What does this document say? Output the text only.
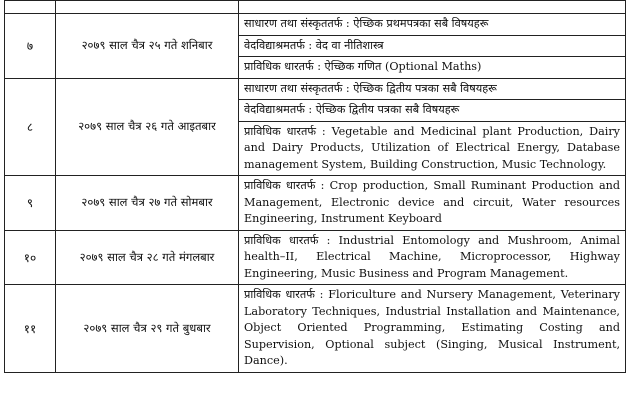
७	२०७९ साल चैत्र २५ गते शनिबार	साधारण तथा संस्कृततर्फ : ऐच्छिक प्रथमपत्रका सबै विषयहरू
		वेदविद्याश्रमतर्फ : वेद वा नीतिशास्त्र
		प्राविधिक धारतर्फ : ऐच्छिक गणित (Optional Maths)
८	२०७९ साल चैत्र २६ गते आइतबार	साधारण तथा संस्कृततर्फ : ऐच्छिक द्वितीय पत्रका सबै विषयहरू
		वेदविद्याश्रमतर्फ : ऐच्छिक द्वितीय पत्रका सबै विषयहरू
		प्राविधिक धारतर्फ : Vegetable and Medicinal plant Production, Dairy and Dairy Products, Utilization of Electrical Energy, Database management System, Building Construction, Music Technology.
९	२०७९ साल चैत्र २७ गते सोमबार	प्राविधिक धारतर्फ : Crop production, Small Ruminant Production and Management, Electronic device and circuit, Water resources Engineering, Instrument Keyboard
१०	२०७९ साल चैत्र २८ गते मंगलबार	प्राविधिक धारतर्फ : Industrial Entomology and Mushroom, Animal health–II, Electrical Machine, Microprocessor, Highway Engineering, Music Business and Program Management.
११	२०७९ साल चैत्र २९ गते बुधबार	प्राविधिक धारतर्फ : Floriculture and Nursery Management, Veterinary Laboratory Techniques, Industrial Installation and Maintenance, Object Oriented Programming, Estimating Costing and Supervision, Optional subject (Singing, Musical Instrument, Dance).
